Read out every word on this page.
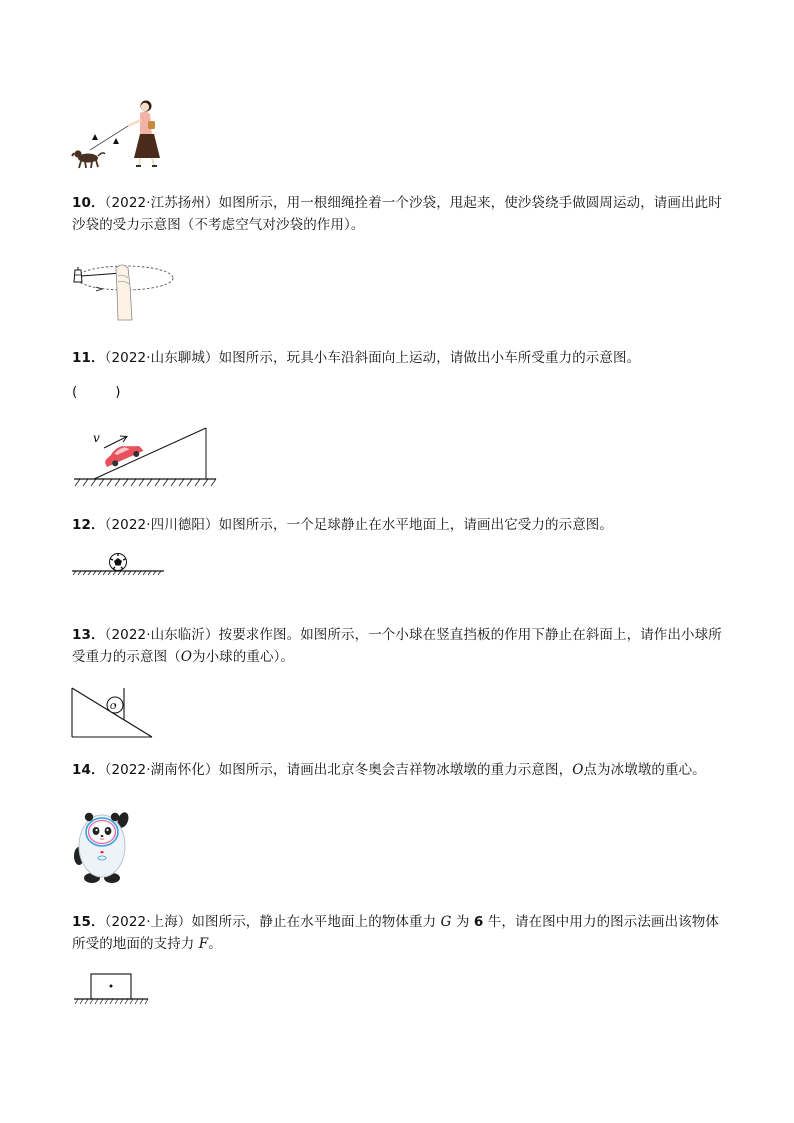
10．（2022·江苏扬州）如图所示，用一根细绳拴着一个沙袋，甩起来，使沙袋绕手做圆周运动，请画出此时
沙袋的受力示意图（不考虑空气对沙袋的作用）。
11．（2022·山东聊城）如图所示，玩具小车沿斜面向上运动，请做出小车所受重力的示意图。
(	)
v
12．（2022·四川德阳）如图所示，一个足球静止在水平地面上，请画出它受力的示意图。
13．（2022·山东临沂）按要求作图。如图所示，一个小球在竖直挡板的作用下静止在斜面上，请作出小球所
受重力的示意图（O为小球的重心）。
O
14．（2022·湖南怀化）如图所示，请画出北京冬奥会吉祥物冰墩墩的重力示意图，O点为冰墩墩的重心。
15．（2022·上海）如图所示，静止在水平地面上的物体重力 G 为 6 牛，请在图中用力的图示法画出该物体
所受的地面的支持力 F。
